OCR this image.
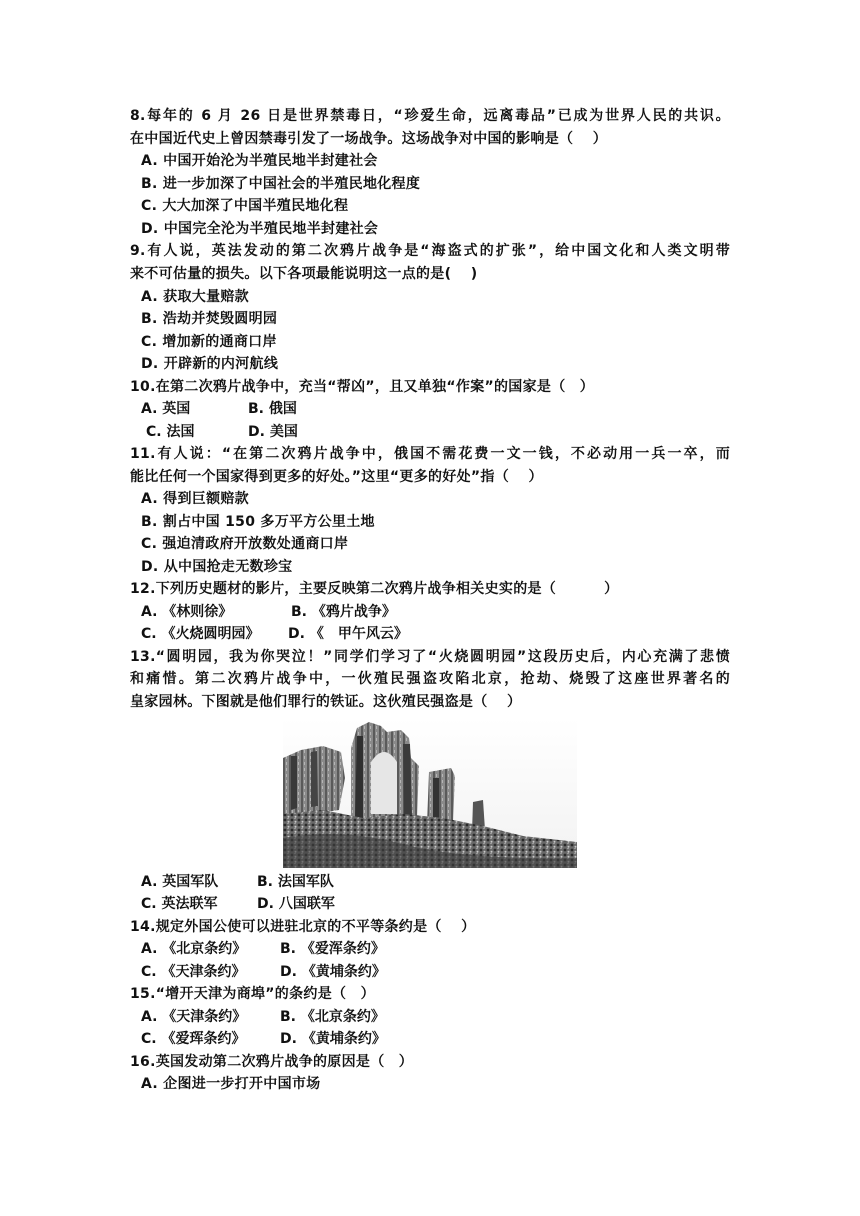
8.每年的 6 月 26 日是世界禁毒日，“珍爱生命，远离毒品”已成为世界人民的共识。
在中国近代史上曾因禁毒引发了一场战争。这场战争对中国的影响是（　 ）
A. 中国开始沦为半殖民地半封建社会
B. 进一步加深了中国社会的半殖民地化程度
C. 大大加深了中国半殖民地化程
D. 中国完全沦为半殖民地半封建社会
9.有人说，英法发动的第二次鸦片战争是“海盗式的扩张”，给中国文化和人类文明带
来不可估量的损失。以下各项最能说明这一点的是(　 )
A. 获取大量赔款
B. 浩劫并焚毁圆明园
C. 增加新的通商口岸
D. 开辟新的内河航线
10.在第二次鸦片战争中，充当“帮凶”，且又单独“作案”的国家是（　）
A. 英国	B. 俄国
C. 法国	D. 美国
11.有人说：“在第二次鸦片战争中，俄国不需花费一文一钱，不必动用一兵一卒，而
能比任何一个国家得到更多的好处。”这里“更多的好处”指（　 ）
A. 得到巨额赔款
B. 割占中国 150 多万平方公里土地
C. 强迫清政府开放数处通商口岸
D. 从中国抢走无数珍宝
12.下列历史题材的影片，主要反映第二次鸦片战争相关史实的是（　　　 ）
A. 《林则徐》	B. 《鸦片战争》
C. 《火烧圆明园》 D. 《　甲午风云》
13.“圆明园，我为你哭泣！”同学们学习了“火烧圆明园”这段历史后，内心充满了悲愤
和痛惜。第二次鸦片战争中，一伙殖民强盗攻陷北京，抢劫、烧毁了这座世界著名的
皇家园林。下图就是他们罪行的铁证。这伙殖民强盗是（　 ）
A. 英国军队	B. 法国军队
C. 英法联军	D. 八国联军
14.规定外国公使可以进驻北京的不平等条约是（　 ）
A. 《北京条约》 B. 《爱浑条约》
C. 《天津条约》 D. 《黄埔条约》
15.“增开天津为商埠”的条约是（　）
A. 《天津条约》 B. 《北京条约》
C. 《爱珲条约》 D. 《黄埔条约》
16.英国发动第二次鸦片战争的原因是（　）
A. 企图进一步打开中国市场
